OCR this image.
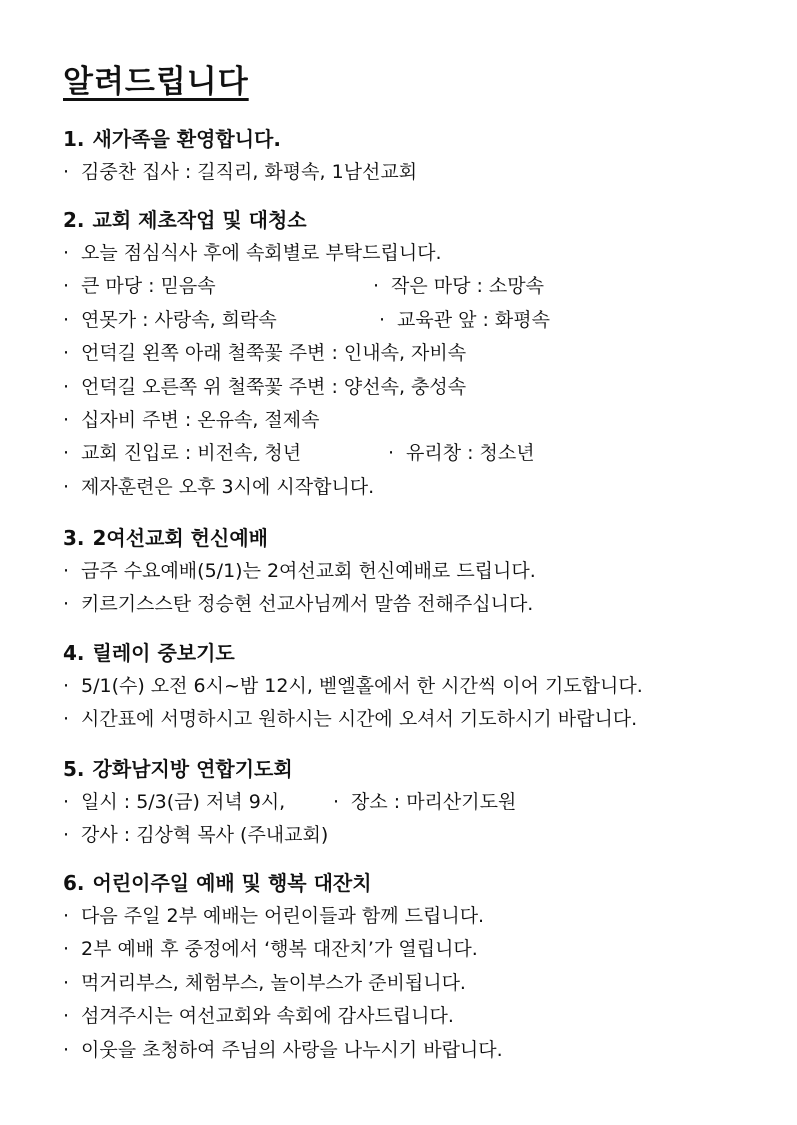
알려드립니다
1. 새가족을 환영합니다.
· 김중찬 집사 : 길직리, 화평속, 1남선교회
2. 교회 제초작업 및 대청소
· 오늘 점심식사 후에 속회별로 부탁드립니다.
· 큰 마당 : 믿음속	· 작은 마당 : 소망속
· 연못가 : 사랑속, 희락속	· 교육관 앞 : 화평속
· 언덕길 왼쪽 아래 철쭉꽃 주변 : 인내속, 자비속
· 언덕길 오른쪽 위 철쭉꽃 주변 : 양선속, 충성속
· 십자비 주변 : 온유속, 절제속
· 교회 진입로 : 비전속, 청년	· 유리창 : 청소년
· 제자훈련은 오후 3시에 시작합니다.
3. 2여선교회 헌신예배
· 금주 수요예배(5/1)는 2여선교회 헌신예배로 드립니다.
· 키르기스스탄 정승현 선교사님께서 말씀 전해주십니다.
4. 릴레이 중보기도
· 5/1(수) 오전 6시~밤 12시, 벧엘홀에서 한 시간씩 이어 기도합니다.
· 시간표에 서명하시고 원하시는 시간에 오셔서 기도하시기 바랍니다.
5. 강화남지방 연합기도회
· 일시 : 5/3(금) 저녁 9시,	· 장소 : 마리산기도원
· 강사 : 김상혁 목사 (주내교회)
6. 어린이주일 예배 및 행복 대잔치
· 다음 주일 2부 예배는 어린이들과 함께 드립니다.
· 2부 예배 후 중정에서 ‘행복 대잔치’가 열립니다.
· 먹거리부스, 체험부스, 놀이부스가 준비됩니다.
· 섬겨주시는 여선교회와 속회에 감사드립니다.
· 이웃을 초청하여 주님의 사랑을 나누시기 바랍니다.
